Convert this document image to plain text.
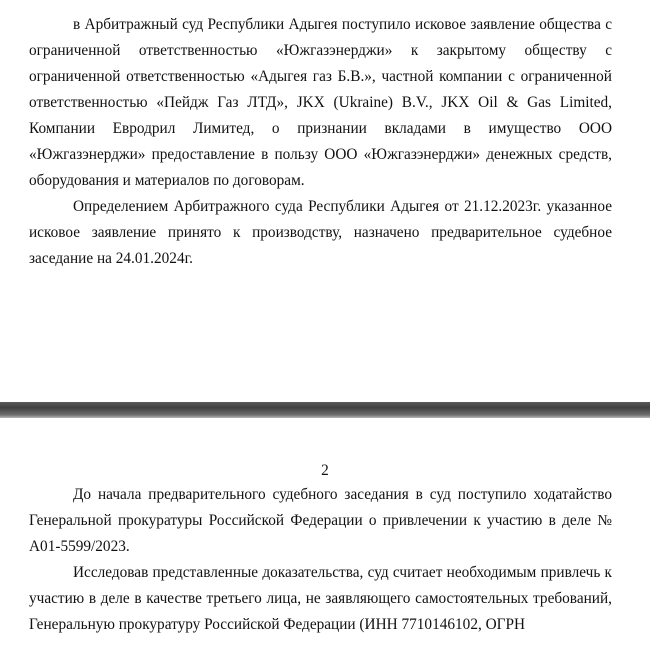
в Арбитражный суд Республики Адыгея поступило исковое заявление общества с ограниченной ответственностью «Южгазэнерджи» к закрытому обществу с ограниченной ответственностью «Адыгея газ Б.В.», частной компании с ограниченной ответственностью «Пейдж Газ ЛТД», JKX (Ukraine) B.V., JKX Oil & Gas Limited, Компании Евродрил Лимитед, о признании вкладами в имущество ООО «Южгазэнерджи» предоставление в пользу ООО «Южгазэнерджи» денежных средств, оборудования и материалов по договорам.

Определением Арбитражного суда Республики Адыгея от 21.12.2023г. указанное исковое заявление принято к производству, назначено предварительное судебное заседание на 24.01.2024г.

2

До начала предварительного судебного заседания в суд поступило ходатайство Генеральной прокуратуры Российской Федерации о привлечении к участию в деле № А01-5599/2023.

Исследовав представленные доказательства, суд считает необходимым привлечь к участию в деле в качестве третьего лица, не заявляющего самостоятельных требований, Генеральную прокуратуру Российской Федерации (ИНН 7710146102, ОГРН
